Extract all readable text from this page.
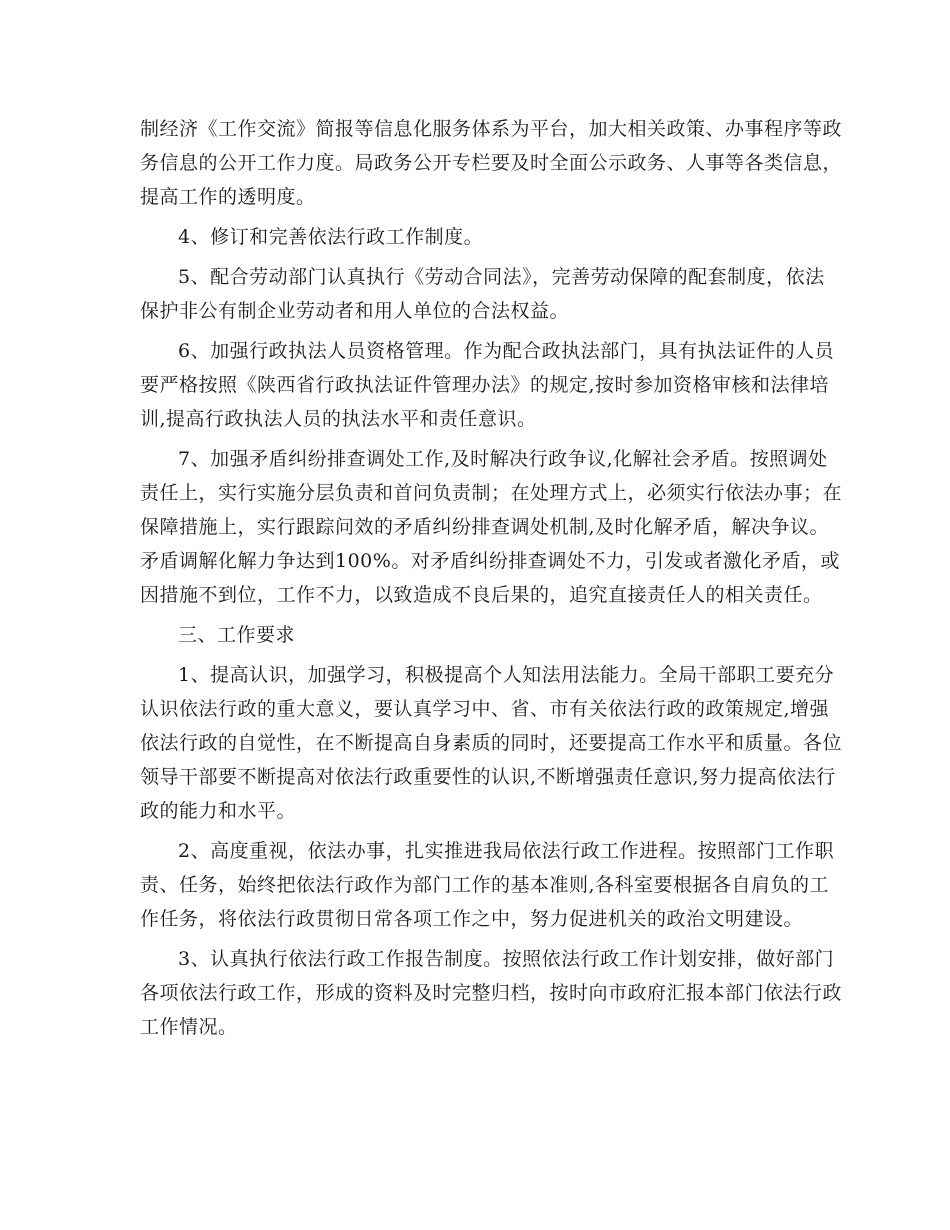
制经济《工作交流》简报等信息化服务体系为平台，加大相关政策、办事程序等政
务信息的公开工作力度。局政务公开专栏要及时全面公示政务、人事等各类信息，
提高工作的透明度。

4、修订和完善依法行政工作制度。

5、配合劳动部门认真执行《劳动合同法》，完善劳动保障的配套制度，依法
保护非公有制企业劳动者和用人单位的合法权益。

6、加强行政执法人员资格管理。作为配合政执法部门，具有执法证件的人员
要严格按照《陕西省行政执法证件管理办法》的规定,按时参加资格审核和法律培
训,提高行政执法人员的执法水平和责任意识。

7、加强矛盾纠纷排查调处工作,及时解决行政争议,化解社会矛盾。按照调处
责任上，实行实施分层负责和首问负责制；在处理方式上，必须实行依法办事；在
保障措施上，实行跟踪问效的矛盾纠纷排查调处机制,及时化解矛盾，解决争议。
矛盾调解化解力争达到100%。对矛盾纠纷排查调处不力，引发或者激化矛盾，或
因措施不到位，工作不力，以致造成不良后果的，追究直接责任人的相关责任。

三、工作要求

1、提高认识，加强学习，积极提高个人知法用法能力。全局干部职工要充分
认识依法行政的重大意义，要认真学习中、省、市有关依法行政的政策规定,增强
依法行政的自觉性，在不断提高自身素质的同时，还要提高工作水平和质量。各位
领导干部要不断提高对依法行政重要性的认识,不断增强责任意识,努力提高依法行
政的能力和水平。

2、高度重视，依法办事，扎实推进我局依法行政工作进程。按照部门工作职
责、任务，始终把依法行政作为部门工作的基本准则,各科室要根据各自肩负的工
作任务，将依法行政贯彻日常各项工作之中，努力促进机关的政治文明建设。

3、认真执行依法行政工作报告制度。按照依法行政工作计划安排，做好部门
各项依法行政工作，形成的资料及时完整归档，按时向市政府汇报本部门依法行政
工作情况。
